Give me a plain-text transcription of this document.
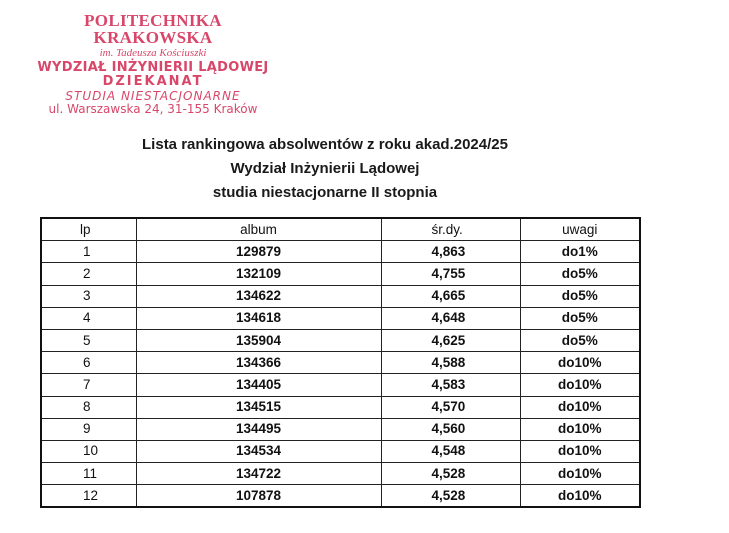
POLITECHNIKA KRAKOWSKA
im. Tadeusza Kościuszki
WYDZIAŁ INŻYNIERII LĄDOWEJ
DZIEKANAT
STUDIA NIESTACJONARNE
ul. Warszawska 24, 31-155 Kraków
Lista rankingowa absolwentów z roku akad.2024/25
Wydział Inżynierii Lądowej
studia niestacjonarne II stopnia
lp	album	śr.dy.	uwagi
1	129879	4,863	do1%
2	132109	4,755	do5%
3	134622	4,665	do5%
4	134618	4,648	do5%
5	135904	4,625	do5%
6	134366	4,588	do10%
7	134405	4,583	do10%
8	134515	4,570	do10%
9	134495	4,560	do10%
10	134534	4,548	do10%
11	134722	4,528	do10%
12	107878	4,528	do10%
